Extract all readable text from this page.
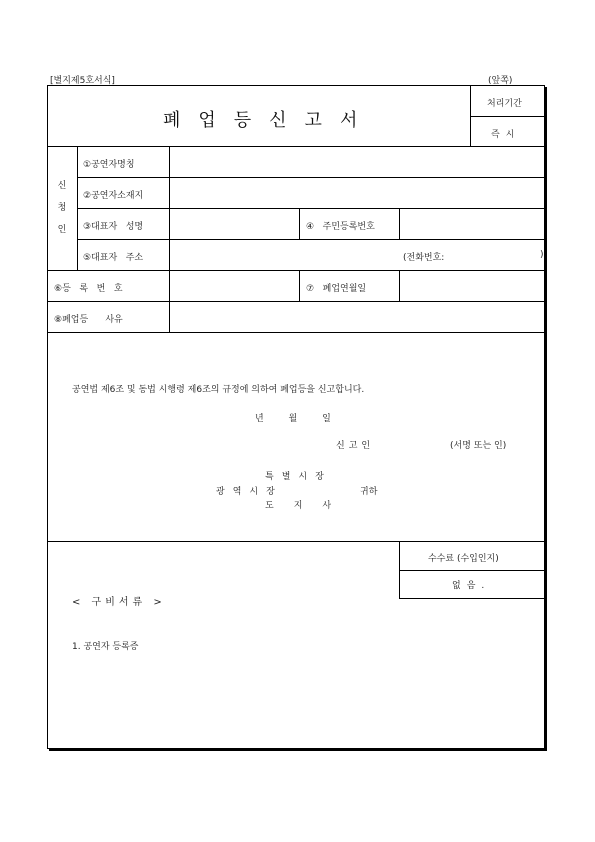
[별지제5호서식]	(앞쪽)
폐업등신고서
처리기간
즉시
신청인
①공연자명칭
②공연자소재지
③대표자   성명	④   주민등록번호
⑤대표자   주소	(전화번호:	)
⑥등   록   번   호	⑦   폐업연월일
⑧폐업등      사유
공연법 제6조 및 동법 시행령 제6조의 규정에 의하여 폐업등을 신고합니다.
년 월 일
신고인	(서명 또는 인)
특별시장
광역시장
도지사
귀하
수수료 (수입인지)
없음.
< 구비서류 >
1. 공연자 등록증
